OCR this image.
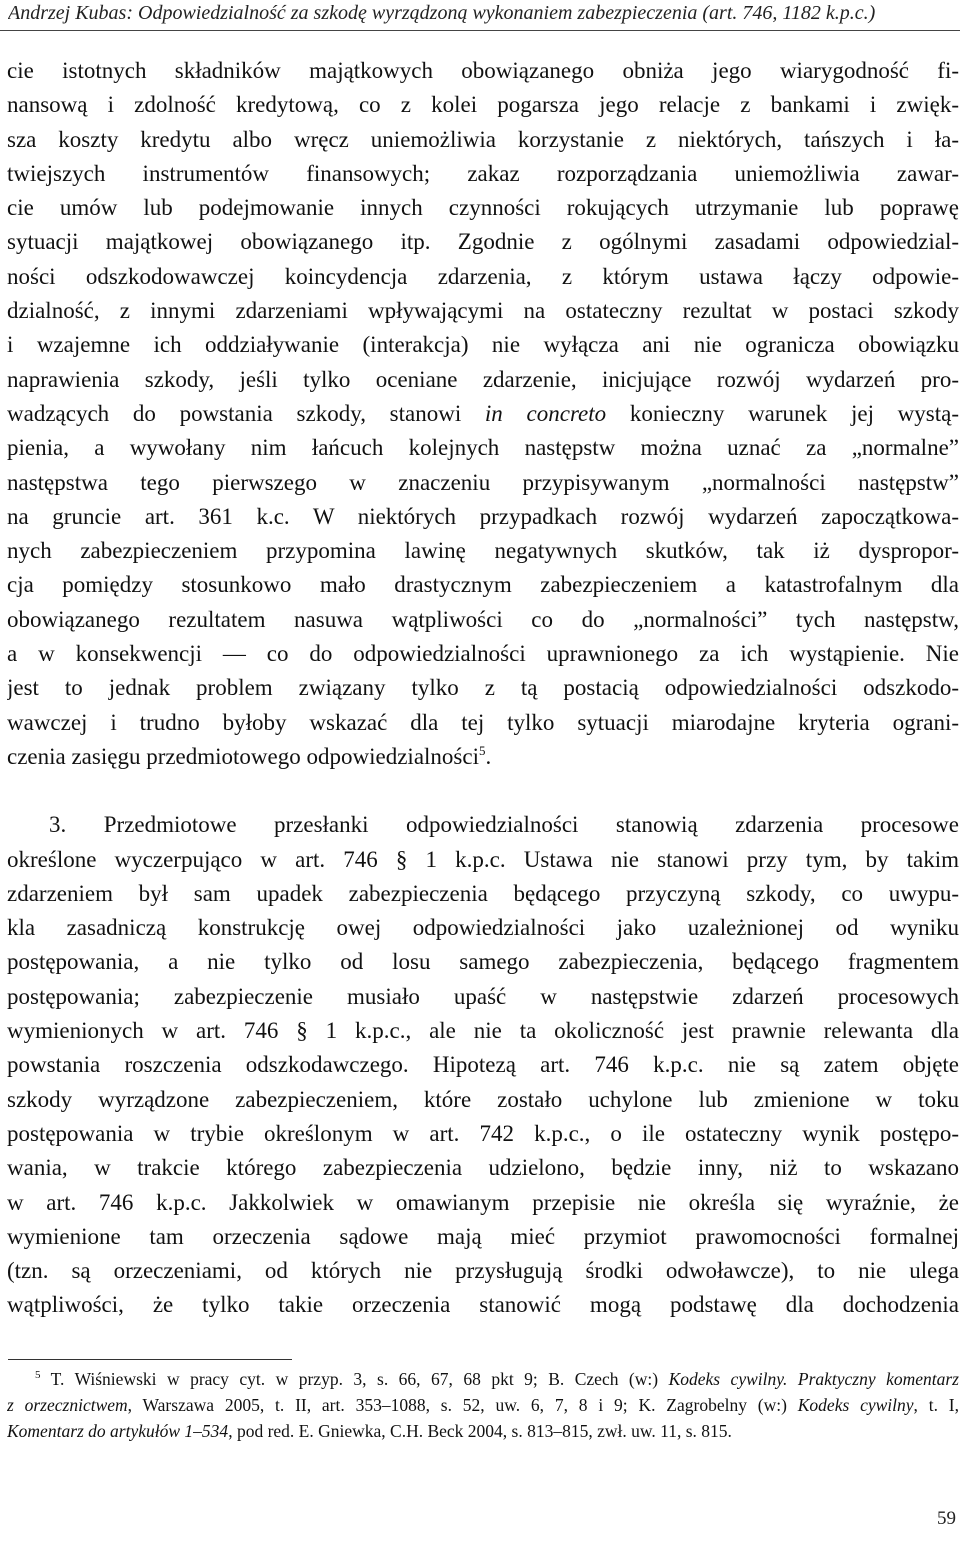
Andrzej Kubas: Odpowiedzialność za szkodę wyrządzoną wykonaniem zabezpieczenia (art. 746, 1182 k.p.c.)
cie istotnych składników majątkowych obowiązanego obniża jego wiarygodność fi-
nansową i zdolność kredytową, co z kolei pogarsza jego relacje z bankami i zwięk-
sza koszty kredytu albo wręcz uniemożliwia korzystanie z niektórych, tańszych i ła-
twiejszych instrumentów finansowych; zakaz rozporządzania uniemożliwia zawar-
cie umów lub podejmowanie innych czynności rokujących utrzymanie lub poprawę
sytuacji majątkowej obowiązanego itp. Zgodnie z ogólnymi zasadami odpowiedzial-
ności odszkodowawczej koincydencja zdarzenia, z którym ustawa łączy odpowie-
dzialność, z innymi zdarzeniami wpływającymi na ostateczny rezultat w postaci szkody
i wzajemne ich oddziaływanie (interakcja) nie wyłącza ani nie ogranicza obowiązku
naprawienia szkody, jeśli tylko oceniane zdarzenie, inicjujące rozwój wydarzeń pro-
wadzących do powstania szkody, stanowi in concreto konieczny warunek jej wystą-
pienia, a wywołany nim łańcuch kolejnych następstw można uznać za „normalne”
następstwa tego pierwszego w znaczeniu przypisywanym „normalności następstw”
na gruncie art. 361 k.c. W niektórych przypadkach rozwój wydarzeń zapoczątkowa-
nych zabezpieczeniem przypomina lawinę negatywnych skutków, tak iż dyspropor-
cja pomiędzy stosunkowo mało drastycznym zabezpieczeniem a katastrofalnym dla
obowiązanego rezultatem nasuwa wątpliwości co do „normalności” tych następstw,
a w konsekwencji — co do odpowiedzialności uprawnionego za ich wystąpienie. Nie
jest to jednak problem związany tylko z tą postacią odpowiedzialności odszkodo-
wawczej i trudno byłoby wskazać dla tej tylko sytuacji miarodajne kryteria ograni-
czenia zasięgu przedmiotowego odpowiedzialności$^5$.
3. Przedmiotowe przesłanki odpowiedzialności stanowią zdarzenia procesowe
określone wyczerpująco w art. 746 § 1 k.p.c. Ustawa nie stanowi przy tym, by takim
zdarzeniem był sam upadek zabezpieczenia będącego przyczyną szkody, co uwypu-
kla zasadniczą konstrukcję owej odpowiedzialności jako uzależnionej od wyniku
postępowania, a nie tylko od losu samego zabezpieczenia, będącego fragmentem
postępowania; zabezpieczenie musiało upaść w następstwie zdarzeń procesowych
wymienionych w art. 746 § 1 k.p.c., ale nie ta okoliczność jest prawnie relewanta dla
powstania roszczenia odszkodawczego. Hipotezą art. 746 k.p.c. nie są zatem objęte
szkody wyrządzone zabezpieczeniem, które zostało uchylone lub zmienione w toku
postępowania w trybie określonym w art. 742 k.p.c., o ile ostateczny wynik postępo-
wania, w trakcie którego zabezpieczenia udzielono, będzie inny, niż to wskazano
w art. 746 k.p.c. Jakkolwiek w omawianym przepisie nie określa się wyraźnie, że
wymienione tam orzeczenia sądowe mają mieć przymiot prawomocności formalnej
(tzn. są orzeczeniami, od których nie przysługują środki odwoławcze), to nie ulega
wątpliwości, że tylko takie orzeczenia stanowić mogą podstawę dla dochodzenia
$^5$ T. Wiśniewski w pracy cyt. w przyp. 3, s. 66, 67, 68 pkt 9; B. Czech (w:) Kodeks cywilny. Praktyczny komentarz
z orzecznictwem, Warszawa 2005, t. II, art. 353–1088, s. 52, uw. 6, 7, 8 i 9; K. Zagrobelny (w:) Kodeks cywilny, t. I,
Komentarz do artykułów 1–534, pod red. E. Gniewka, C.H. Beck 2004, s. 813–815, zwł. uw. 11, s. 815.
59
